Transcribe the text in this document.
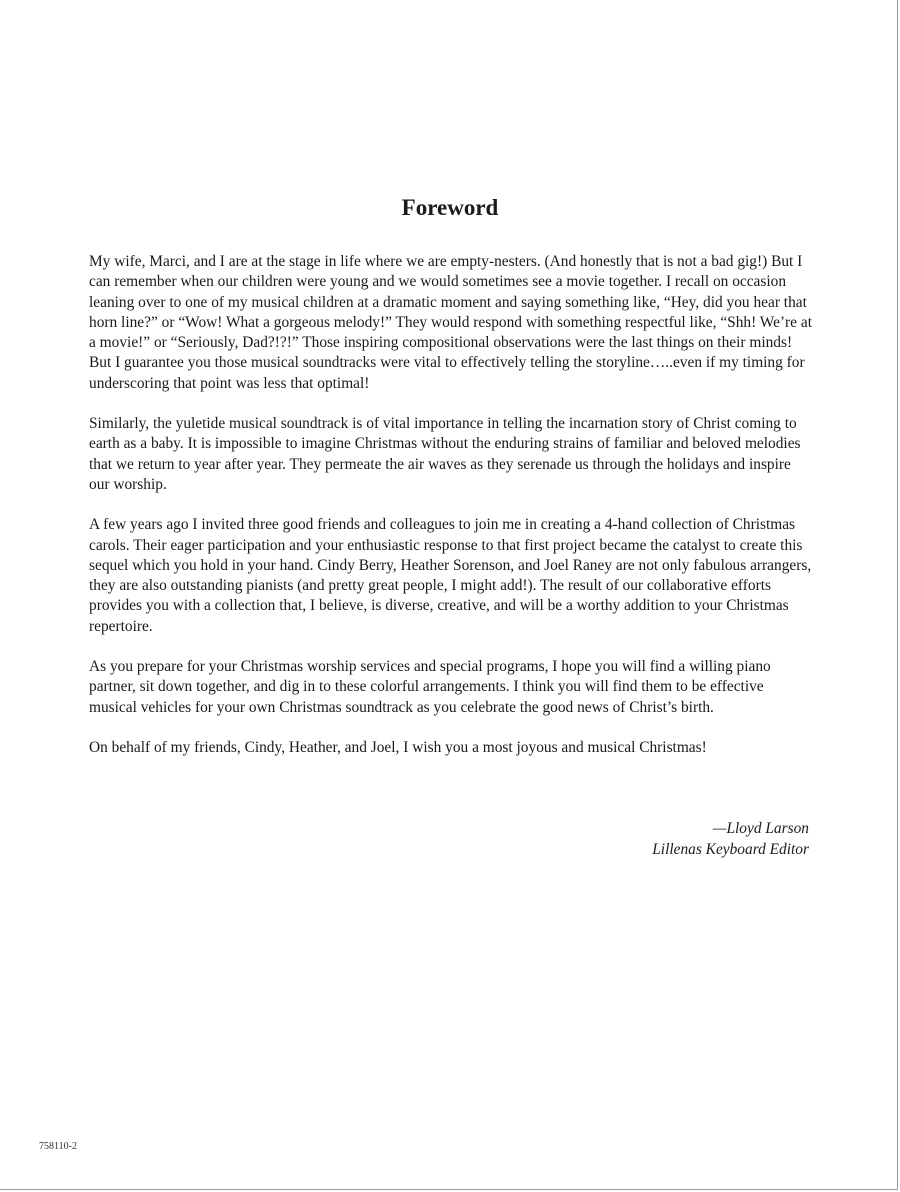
Foreword

My wife, Marci, and I are at the stage in life where we are empty-nesters. (And honestly that is not a bad gig!) But I can remember when our children were young and we would sometimes see a movie together. I recall on occasion leaning over to one of my musical children at a dramatic moment and saying something like, “Hey, did you hear that horn line?” or “Wow! What a gorgeous melody!” They would respond with something respectful like, “Shh! We’re at a movie!” or “Seriously, Dad?!?!” Those inspiring compositional observations were the last things on their minds! But I guarantee you those musical soundtracks were vital to effectively telling the storyline…..even if my timing for underscoring that point was less that optimal!

Similarly, the yuletide musical soundtrack is of vital importance in telling the incarnation story of Christ coming to earth as a baby. It is impossible to imagine Christmas without the enduring strains of familiar and beloved melodies that we return to year after year. They permeate the air waves as they serenade us through the holidays and inspire our worship.

A few years ago I invited three good friends and colleagues to join me in creating a 4-hand collection of Christmas carols. Their eager participation and your enthusiastic response to that first project became the catalyst to create this sequel which you hold in your hand. Cindy Berry, Heather Sorenson, and Joel Raney are not only fabulous arrangers, they are also outstanding pianists (and pretty great people, I might add!). The result of our collaborative efforts provides you with a collection that, I believe, is diverse, creative, and will be a worthy addition to your Christmas repertoire.

As you prepare for your Christmas worship services and special programs, I hope you will find a willing piano partner, sit down together, and dig in to these colorful arrangements. I think you will find them to be effective musical vehicles for your own Christmas soundtrack as you celebrate the good news of Christ’s birth.

On behalf of my friends, Cindy, Heather, and Joel, I wish you a most joyous and musical Christmas!

—Lloyd Larson
Lillenas Keyboard Editor
758110-2
